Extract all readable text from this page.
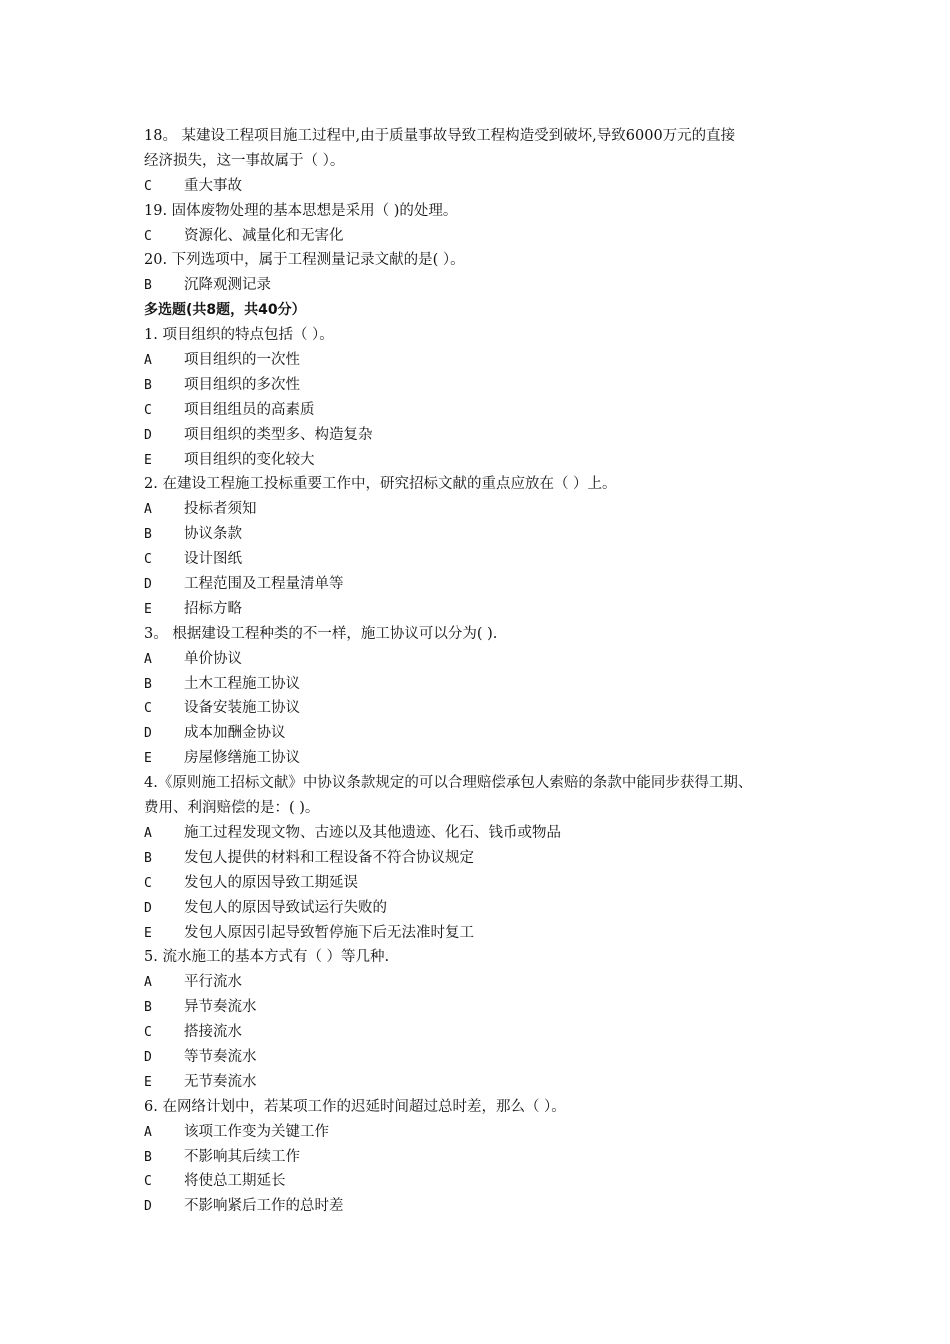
18。 某建设工程项目施工过程中,由于质量事故导致工程构造受到破坏,导致6000万元的直接
经济损失，这一事故属于（ ）。
C 重大事故
19. 固体废物处理的基本思想是采用（ )的处理。
C 资源化、减量化和无害化
20. 下列选项中，属于工程测量记录文献的是( ）。
B 沉降观测记录
多选题(共8题，共40分）
1. 项目组织的特点包括（ ）。
A 项目组织的一次性
B 项目组织的多次性
C 项目组组员的高素质
D 项目组织的类型多、构造复杂
E 项目组织的变化较大
2. 在建设工程施工投标重要工作中，研究招标文献的重点应放在（ ）上。
A 投标者须知
B 协议条款
C 设计图纸
D 工程范围及工程量清单等
E 招标方略
3。 根据建设工程种类的不一样，施工协议可以分为( ).
A 单价协议
B 土木工程施工协议
C 设备安装施工协议
D 成本加酬金协议
E 房屋修缮施工协议
4.《原则施工招标文献》中协议条款规定的可以合理赔偿承包人索赔的条款中能同步获得工期、
费用、利润赔偿的是：( )。
A 施工过程发现文物、古迹以及其他遗迹、化石、钱币或物品
B 发包人提供的材料和工程设备不符合协议规定
C 发包人的原因导致工期延误
D 发包人的原因导致试运行失败的
E 发包人原因引起导致暂停施下后无法准时复工
5. 流水施工的基本方式有（ ）等几种.
A 平行流水
B 异节奏流水
C 搭接流水
D 等节奏流水
E 无节奏流水
6. 在网络计划中，若某项工作的迟延时间超过总时差，那么（ ）。
A 该项工作变为关键工作
B 不影响其后续工作
C 将使总工期延长
D 不影响紧后工作的总时差
